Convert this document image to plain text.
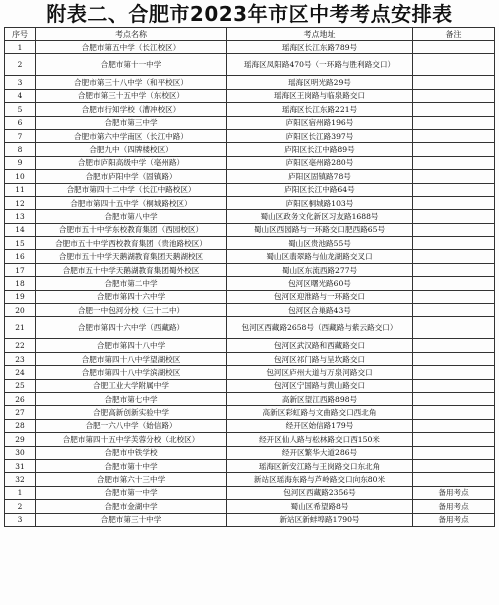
附表二、合肥市2023年市区中考考点安排表
序号	考点名称	考点地址	备注
1	合肥市第五中学（长江校区）	瑶海区长江东路789号	
2	合肥市第十一中学	瑶海区凤阳路470号（一环路与胜利路交口）	
3	合肥市第三十八中学（和平校区）	瑶海区明光路29号	
4	合肥市第三十五中学（东校区）	瑶海区王岗路与临泉路交口	
5	合肥市行知学校（漕冲校区）	瑶海区长江东路221号	
6	合肥市第三中学	庐阳区宿州路196号	
7	合肥市第六中学南区（长江中路）	庐阳区长江路397号	
8	合肥九中（四牌楼校区）	庐阳区长江中路89号	
9	合肥市庐阳高级中学（亳州路）	庐阳区亳州路280号	
10	合肥市庐阳中学（固镇路）	庐阳区固镇路78号	
11	合肥市第四十二中学（长江中路校区）	庐阳区长江中路64号	
12	合肥市第四十五中学（桐城路校区）	庐阳区桐城路103号	
13	合肥市第八中学	蜀山区政务文化新区习友路1688号	
14	合肥市五十中学东校教育集团（西园校区）	蜀山区西园路与一环路交口肥西路65号	
15	合肥市五十中学西校教育集团（贵池路校区）	蜀山区贵池路55号	
16	合肥市五十中学天鹅湖教育集团天鹅湖校区	蜀山区翡翠路与仙龙湖路交叉口	
17	合肥市五十中学天鹅湖教育集团蜀外校区	蜀山区东流西路277号	
18	合肥市第二中学	包河区曙光路60号	
19	合肥市第四十六中学	包河区迎淮路与一环路交口	
20	合肥一中包河分校（三十二中）	包河区合巢路43号	
21	合肥市第四十六中学（西藏路）	包河区西藏路2658号（西藏路与紫云路交口）	
22	合肥市第四十八中学	包河区武汉路和西藏路交口	
23	合肥市第四十八中学望湖校区	包河区祁门路与呈坎路交口	
24	合肥市第四十八中学滨湖校区	包河区庐州大道与万泉河路交口	
25	合肥工业大学附属中学	包河区宁国路与黄山路交口	
26	合肥市第七中学	高新区望江西路898号	
27	合肥高新创新实验中学	高新区彩虹路与文曲路交口西北角	
28	合肥一六八中学（始信路）	经开区始信路179号	
29	合肥市第四十五中学芙蓉分校（北校区）	经开区仙人路与松林路交口西150米	
30	合肥市中铁学校	经开区繁华大道286号	
31	合肥市第十中学	瑶海区新安江路与王岗路交口东北角	
32	合肥市第六十三中学	新站区瑶海东路与芦岭路交口向东80米	
1	合肥市第一中学	包河区西藏路2356号	备用考点
2	合肥市金湖中学	蜀山区希望路8号	备用考点
3	合肥市第三十中学	新站区新蚌埠路1790号	备用考点
